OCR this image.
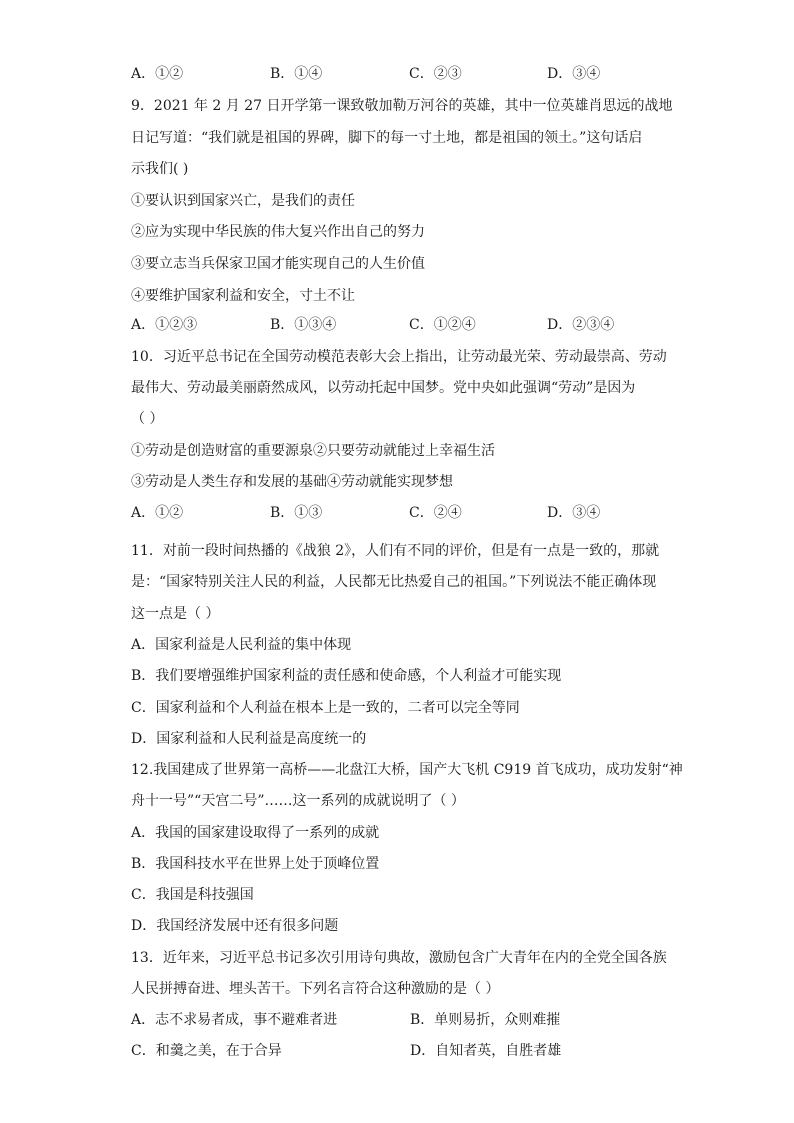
A．①②	B．①④	C．②③	D．③④
9．2021 年 2 月 27 日开学第一课致敬加勒万河谷的英雄，其中一位英雄肖思远的战地
日记写道：“我们就是祖国的界碑，脚下的每一寸土地，都是祖国的领土。”这句话启
示我们( )
①要认识到国家兴亡，是我们的责任
②应为实现中华民族的伟大复兴作出自己的努力
③要立志当兵保家卫国才能实现自己的人生价值
④要维护国家利益和安全，寸土不让
A．①②③	B．①③④	C．①②④	D．②③④
10．习近平总书记在全国劳动模范表彰大会上指出，让劳动最光荣、劳动最崇高、劳动
最伟大、劳动最美丽蔚然成风，以劳动托起中国梦。党中央如此强调“劳动”是因为
（ ）
①劳动是创造财富的重要源泉②只要劳动就能过上幸福生活
③劳动是人类生存和发展的基础④劳动就能实现梦想
A．①②	B．①③	C．②④	D．③④
11．对前一段时间热播的《战狼 2》，人们有不同的评价，但是有一点是一致的，那就
是：“国家特别关注人民的利益，人民都无比热爱自己的祖国。”下列说法不能正确体现
这一点是（ ）
A．国家利益是人民利益的集中体现
B．我们要增强维护国家利益的责任感和使命感，个人利益才可能实现
C．国家利益和个人利益在根本上是一致的，二者可以完全等同
D．国家利益和人民利益是高度统一的
12.我国建成了世界第一高桥——北盘江大桥，国产大飞机 C919 首飞成功，成功发射“神
舟十一号”“天宫二号”……这一系列的成就说明了（ ）
A．我国的国家建设取得了一系列的成就
B．我国科技水平在世界上处于顶峰位置
C．我国是科技强国
D．我国经济发展中还有很多问题
13．近年来，习近平总书记多次引用诗句典故，激励包含广大青年在内的全党全国各族
人民拼搏奋进、埋头苦干。下列名言符合这种激励的是（ ）
A．志不求易者成，事不避难者进	B．单则易折，众则难摧
C．和羹之美，在于合异	D．自知者英，自胜者雄
